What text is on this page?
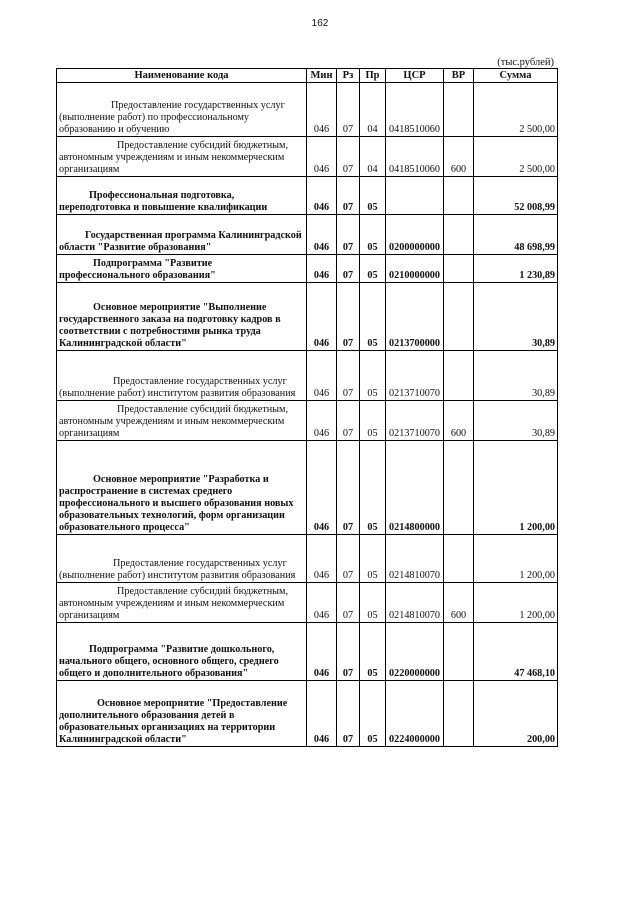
162
(тыс.рублей)
Наименование кода	Мин	Рз	Пр	ЦСР	ВР	Сумма
Предоставление государственных услуг (выполнение работ) по профессиональному образованию и обучению	046	07	04	0418510060		2 500,00
Предоставление субсидий бюджетным, автономным учреждениям и иным некоммерческим организациям	046	07	04	0418510060	600	2 500,00
Профессиональная подготовка, переподготовка и повышение квалификации	046	07	05			52 008,99
Государственная программа Калининградской области "Развитие образования"	046	07	05	0200000000		48 698,99
Подпрограмма "Развитие профессионального образования"	046	07	05	0210000000		1 230,89
Основное мероприятие "Выполнение государственного заказа на подготовку кадров в соответствии с потребностями рынка труда Калининградской области"	046	07	05	0213700000		30,89
Предоставление государственных услуг (выполнение работ) институтом развития образования	046	07	05	0213710070		30,89
Предоставление субсидий бюджетным, автономным учреждениям и иным некоммерческим организациям	046	07	05	0213710070	600	30,89
Основное мероприятие "Разработка и распространение в системах среднего профессионального и высшего образования новых образовательных технологий, форм организации образовательного процесса"	046	07	05	0214800000		1 200,00
Предоставление государственных услуг (выполнение работ) институтом развития образования	046	07	05	0214810070		1 200,00
Предоставление субсидий бюджетным, автономным учреждениям и иным некоммерческим организациям	046	07	05	0214810070	600	1 200,00
Подпрограмма "Развитие дошкольного, начального общего, основного общего, среднего общего и дополнительного образования"	046	07	05	0220000000		47 468,10
Основное мероприятие "Предоставление дополнительного образования детей в образовательных организациях на территории Калининградской области"	046	07	05	0224000000		200,00
